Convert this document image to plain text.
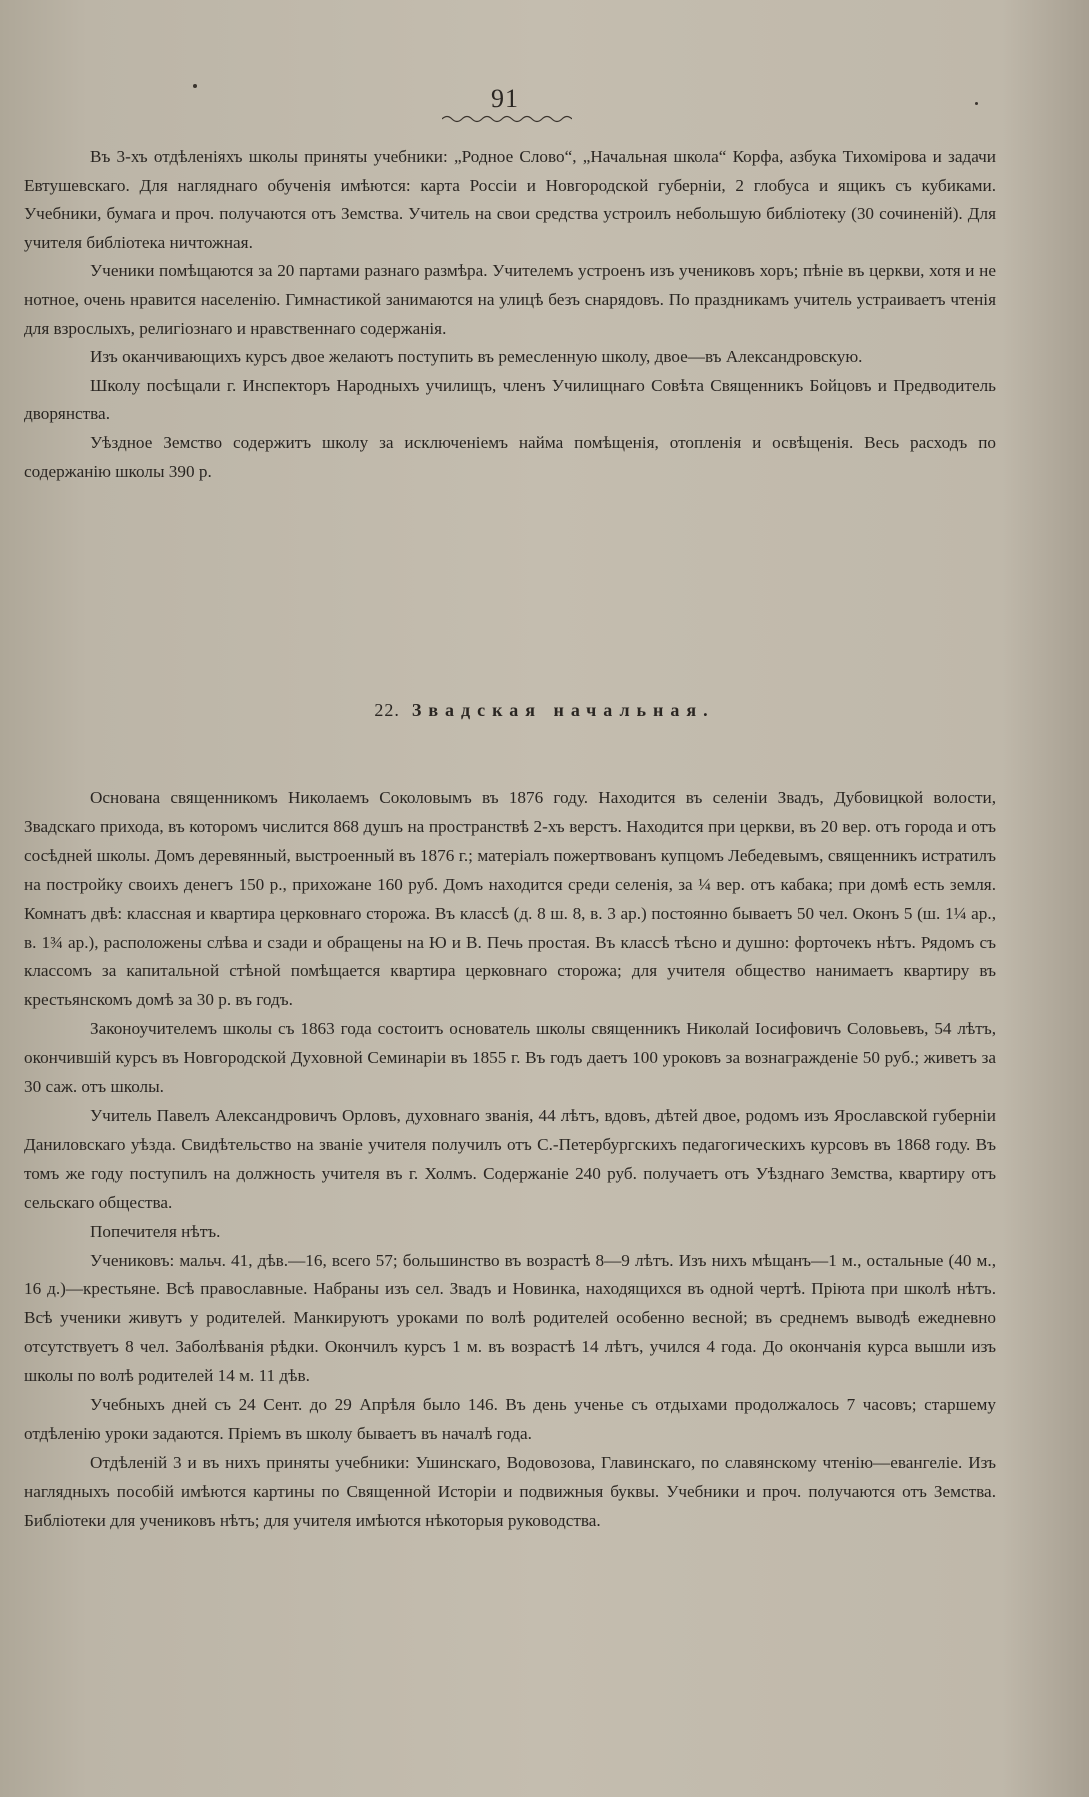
91

Въ 3-хъ отдѣленіяхъ школы приняты учебники: „Родное Слово“, „Начальная школа“ Корфа, азбука Тихомірова и задачи Евтушевскаго. Для нагляднаго обученія имѣются: карта Россіи и Новгородской губерніи, 2 глобуса и ящикъ съ кубиками. Учебники, бумага и проч. получаются отъ Земства. Учитель на свои средства устроилъ небольшую библіотеку (30 сочиненій). Для учителя библіотека ничтожная.

Ученики помѣщаются за 20 партами разнаго размѣра. Учителемъ устроенъ изъ учениковъ хоръ; пѣніе въ церкви, хотя и не нотное, очень нравится населенію. Гимнастикой занимаются на улицѣ безъ снарядовъ. По праздникамъ учитель устраиваетъ чтенія для взрослыхъ, религіознаго и нравственнаго содержанія.

Изъ оканчивающихъ курсъ двое желаютъ поступить въ ремесленную школу, двое—въ Александровскую.

Школу посѣщали г. Инспекторъ Народныхъ училищъ, членъ Училищнаго Совѣта Священникъ Бойцовъ и Предводитель дворянства.

Уѣздное Земство содержитъ школу за исключеніемъ найма помѣщенія, отопленія и освѣщенія. Весь расходъ по содержанію школы 390 р.

22. Звадская начальная.

Основана священникомъ Николаемъ Соколовымъ въ 1876 году. Находится въ селеніи Звадъ, Дубовицкой волости, Звадскаго прихода, въ которомъ числится 868 душъ на пространствѣ 2-хъ верстъ. Находится при церкви, въ 20 вер. отъ города и отъ сосѣдней школы. Домъ деревянный, выстроенный въ 1876 г.; матеріалъ пожертвованъ купцомъ Лебедевымъ, священникъ истратилъ на постройку своихъ денегъ 150 р., прихожане 160 руб. Домъ находится среди селенія, за ¼ вер. отъ кабака; при домѣ есть земля. Комнатъ двѣ: классная и квартира церковнаго сторожа. Въ классѣ (д. 8 ш. 8, в. 3 ар.) постоянно бываетъ 50 чел. Оконъ 5 (ш. 1¼ ар., в. 1¾ ар.), расположены слѣва и сзади и обращены на Ю и В. Печь простая. Въ классѣ тѣсно и душно: форточекъ нѣтъ. Рядомъ съ классомъ за капитальной стѣной помѣщается квартира церковнаго сторожа; для учителя общество нанимаетъ квартиру въ крестьянскомъ домѣ за 30 р. въ годъ.

Законоучителемъ школы съ 1863 года состоитъ основатель школы священникъ Николай Іосифовичъ Соловьевъ, 54 лѣтъ, окончившій курсъ въ Новгородской Духовной Семинаріи въ 1855 г. Въ годъ даетъ 100 уроковъ за вознагражденіе 50 руб.; живетъ за 30 саж. отъ школы.

Учитель Павелъ Александровичъ Орловъ, духовнаго званія, 44 лѣтъ, вдовъ, дѣтей двое, родомъ изъ Ярославской губерніи Даниловскаго уѣзда. Свидѣтельство на званіе учителя получилъ отъ С.-Петербургскихъ педагогическихъ курсовъ въ 1868 году. Въ томъ же году поступилъ на должность учителя въ г. Холмъ. Содержаніе 240 руб. получаетъ отъ Уѣзднаго Земства, квартиру отъ сельскаго общества.

Попечителя нѣтъ.

Учениковъ: мальч. 41, дѣв.—16, всего 57; большинство въ возрастѣ 8—9 лѣтъ. Изъ нихъ мѣщанъ—1 м., остальные (40 м., 16 д.)—крестьяне. Всѣ православные. Набраны изъ сел. Звадъ и Новинка, находящихся въ одной чертѣ. Пріюта при школѣ нѣтъ. Всѣ ученики живутъ у родителей. Манкируютъ уроками по волѣ родителей особенно весной; въ среднемъ выводѣ ежедневно отсутствуетъ 8 чел. Заболѣванія рѣдки. Окончилъ курсъ 1 м. въ возрастѣ 14 лѣтъ, учился 4 года. До окончанія курса вышли изъ школы по волѣ родителей 14 м. 11 дѣв.

Учебныхъ дней съ 24 Сент. до 29 Апрѣля было 146. Въ день ученье съ отдыхами продолжалось 7 часовъ; старшему отдѣленію уроки задаются. Пріемъ въ школу бываетъ въ началѣ года.

Отдѣленій 3 и въ нихъ приняты учебники: Ушинскаго, Водовозова, Главинскаго, по славянскому чтенію—евангеліе. Изъ наглядныхъ пособій имѣются картины по Священной Исторіи и подвижныя буквы. Учебники и проч. получаются отъ Земства. Библіотеки для учениковъ нѣтъ; для учителя имѣются нѣкоторыя руководства.
